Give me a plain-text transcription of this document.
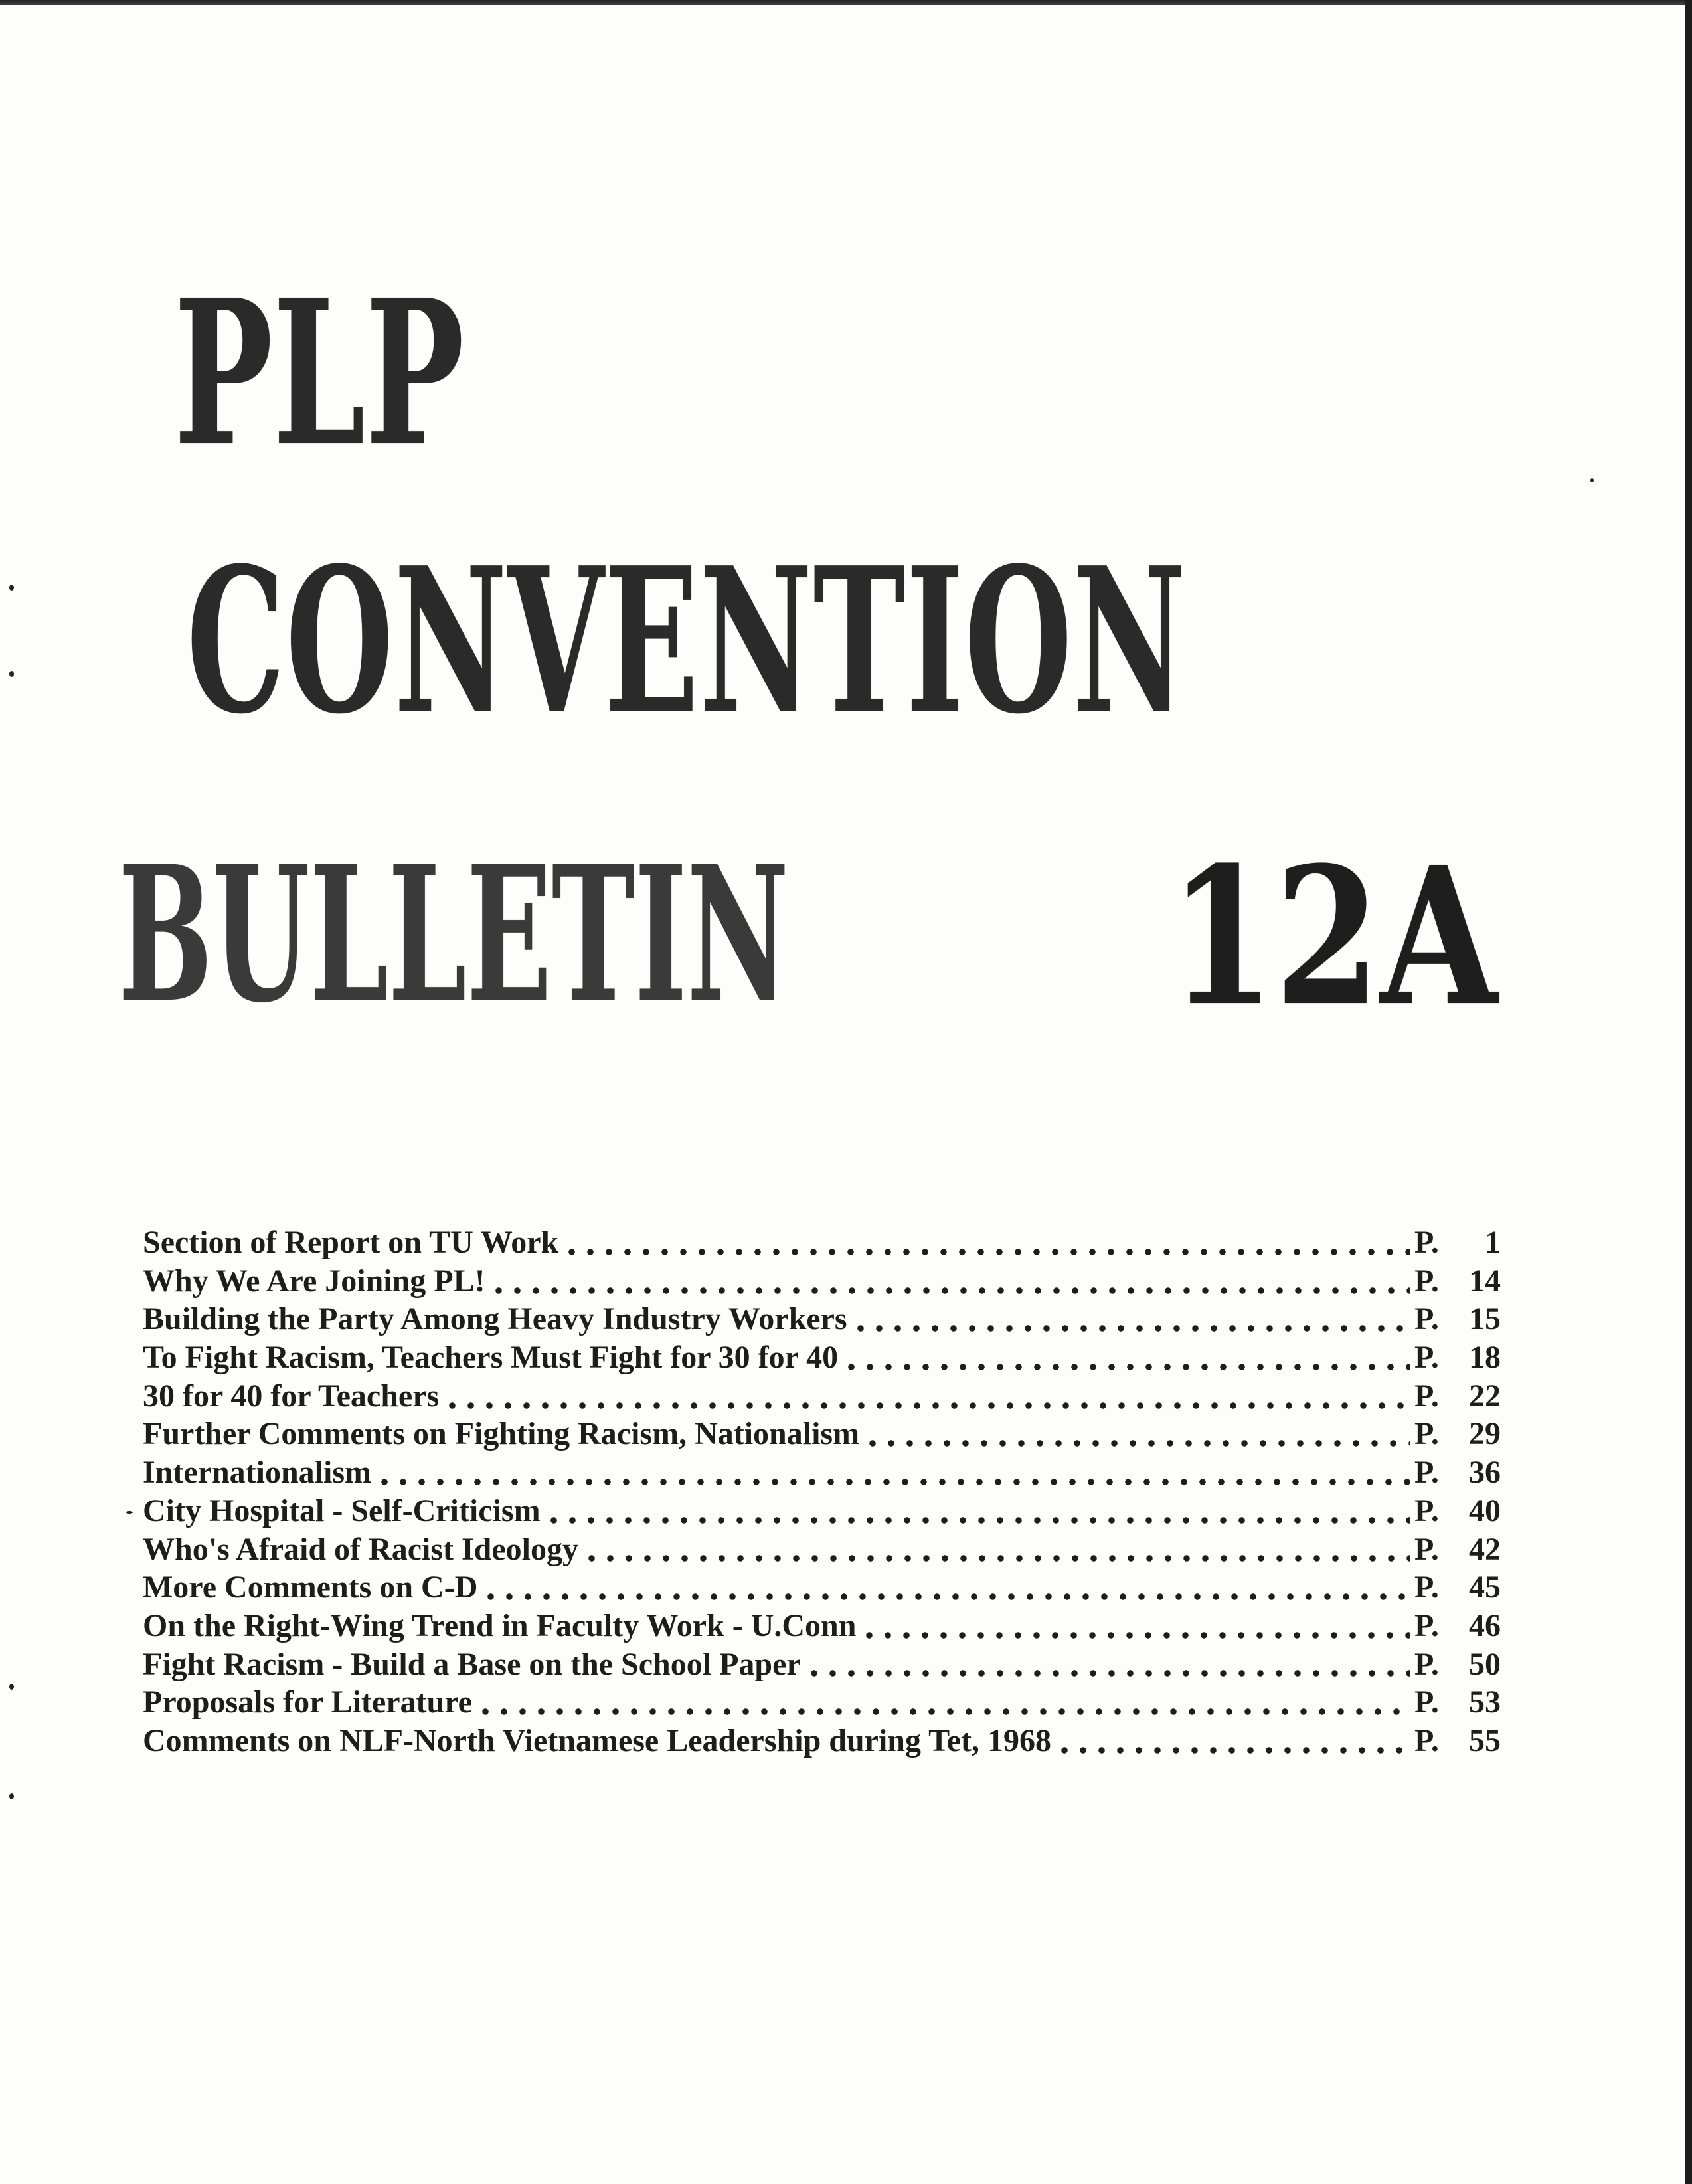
PLP
CONVENTION
BULLETIN 12A
Section of Report on TU Work	P.	1
Why We Are Joining PL!	P. 14
Building the Party Among Heavy Industry Workers	P. 15
To Fight Racism, Teachers Must Fight for 30 for 40	P. 18
30 for 40 for Teachers	P. 22
Further Comments on Fighting Racism, Nationalism	P. 29
Internationalism	P. 36
City Hospital - Self-Criticism	P. 40
Who's Afraid of Racist Ideology	P. 42
More Comments on C-D	P. 45
On the Right-Wing Trend in Faculty Work - U.Conn	P. 46
Fight Racism - Build a Base on the School Paper	P. 50
Proposals for Literature	P. 53
Comments on NLF-North Vietnamese Leadership during Tet, 1968	P. 55
